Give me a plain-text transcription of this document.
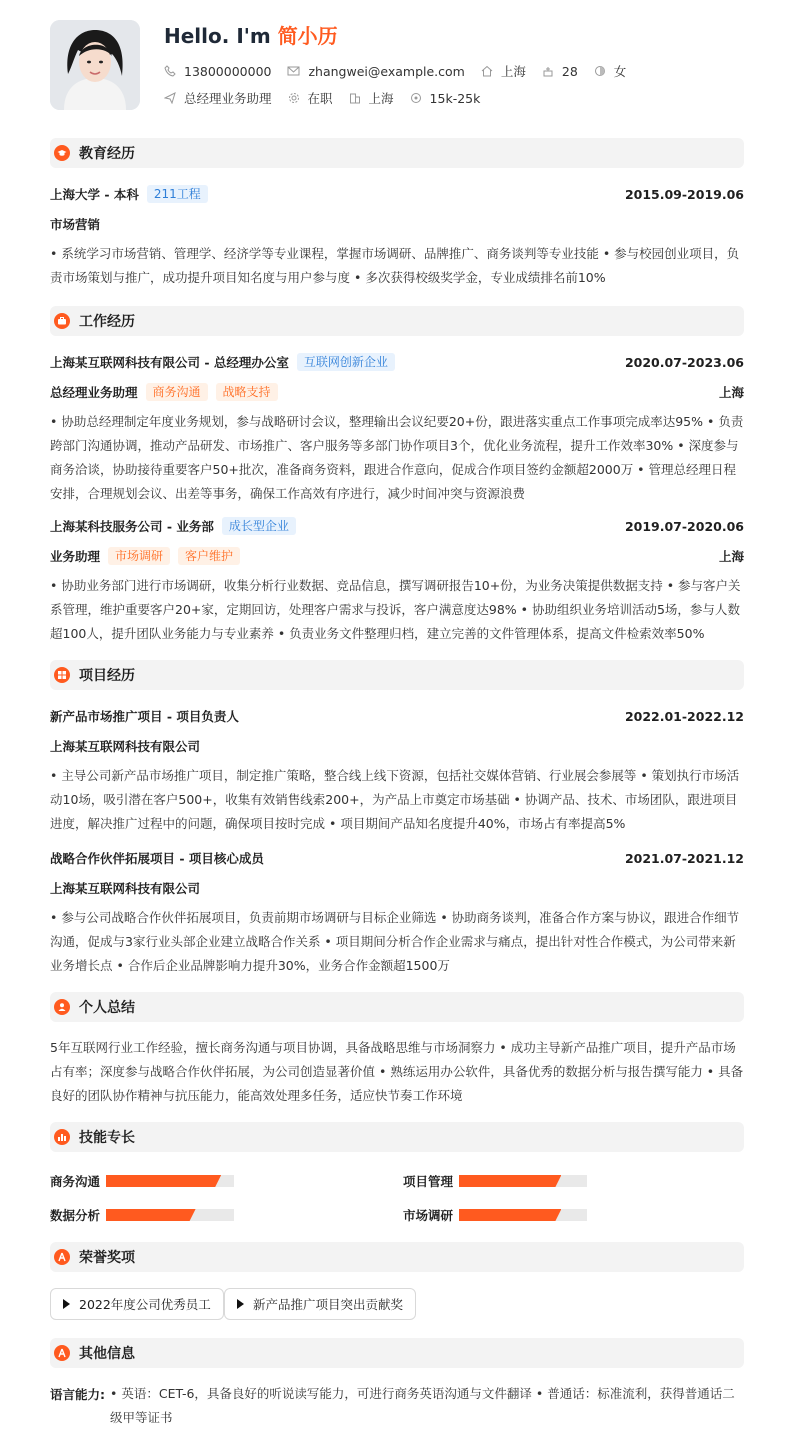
Hello. I'm 简小历
13800000000	zhangwei@example.com	上海	28	女
总经理业务助理	在职	上海	15k-25k
教育经历
上海大学 - 本科	211工程	2015.09-2019.06
市场营销
• 系统学习市场营销、管理学、经济学等专业课程，掌握市场调研、品牌推广、商务谈判等专业技能 • 参与校园创业项目，负责市场策划与推广，成功提升项目知名度与用户参与度 • 多次获得校级奖学金，专业成绩排名前10%
工作经历
上海某互联网科技有限公司 - 总经理办公室	互联网创新企业	2020.07-2023.06
总经理业务助理	商务沟通	战略支持	上海
• 协助总经理制定年度业务规划，参与战略研讨会议，整理输出会议纪要20+份，跟进落实重点工作事项完成率达95% • 负责跨部门沟通协调，推动产品研发、市场推广、客户服务等多部门协作项目3个，优化业务流程，提升工作效率30% • 深度参与商务洽谈，协助接待重要客户50+批次，准备商务资料，跟进合作意向，促成合作项目签约金额超2000万 • 管理总经理日程安排，合理规划会议、出差等事务，确保工作高效有序进行，减少时间冲突与资源浪费
上海某科技服务公司 - 业务部	成长型企业	2019.07-2020.06
业务助理	市场调研	客户维护	上海
• 协助业务部门进行市场调研，收集分析行业数据、竞品信息，撰写调研报告10+份，为业务决策提供数据支持 • 参与客户关系管理，维护重要客户20+家，定期回访，处理客户需求与投诉，客户满意度达98% • 协助组织业务培训活动5场，参与人数超100人，提升团队业务能力与专业素养 • 负责业务文件整理归档，建立完善的文件管理体系，提高文件检索效率50%
项目经历
新产品市场推广项目 - 项目负责人	2022.01-2022.12
上海某互联网科技有限公司
• 主导公司新产品市场推广项目，制定推广策略，整合线上线下资源，包括社交媒体营销、行业展会参展等 • 策划执行市场活动10场，吸引潜在客户500+，收集有效销售线索200+，为产品上市奠定市场基础 • 协调产品、技术、市场团队，跟进项目进度，解决推广过程中的问题，确保项目按时完成 • 项目期间产品知名度提升40%，市场占有率提高5%
战略合作伙伴拓展项目 - 项目核心成员	2021.07-2021.12
上海某互联网科技有限公司
• 参与公司战略合作伙伴拓展项目，负责前期市场调研与目标企业筛选 • 协助商务谈判，准备合作方案与协议，跟进合作细节沟通，促成与3家行业头部企业建立战略合作关系 • 项目期间分析合作企业需求与痛点，提出针对性合作模式，为公司带来新业务增长点 • 合作后企业品牌影响力提升30%，业务合作金额超1500万
个人总结
5年互联网行业工作经验，擅长商务沟通与项目协调，具备战略思维与市场洞察力 • 成功主导新产品推广项目，提升产品市场占有率；深度参与战略合作伙伴拓展，为公司创造显著价值 • 熟练运用办公软件，具备优秀的数据分析与报告撰写能力 • 具备良好的团队协作精神与抗压能力，能高效处理多任务，适应快节奏工作环境
技能专长
商务沟通	项目管理
数据分析	市场调研
荣誉奖项
2022年度公司优秀员工	新产品推广项目突出贡献奖
其他信息
语言能力: • 英语：CET-6，具备良好的听说读写能力，可进行商务英语沟通与文件翻译 • 普通话：标准流利，获得普通话二级甲等证书
